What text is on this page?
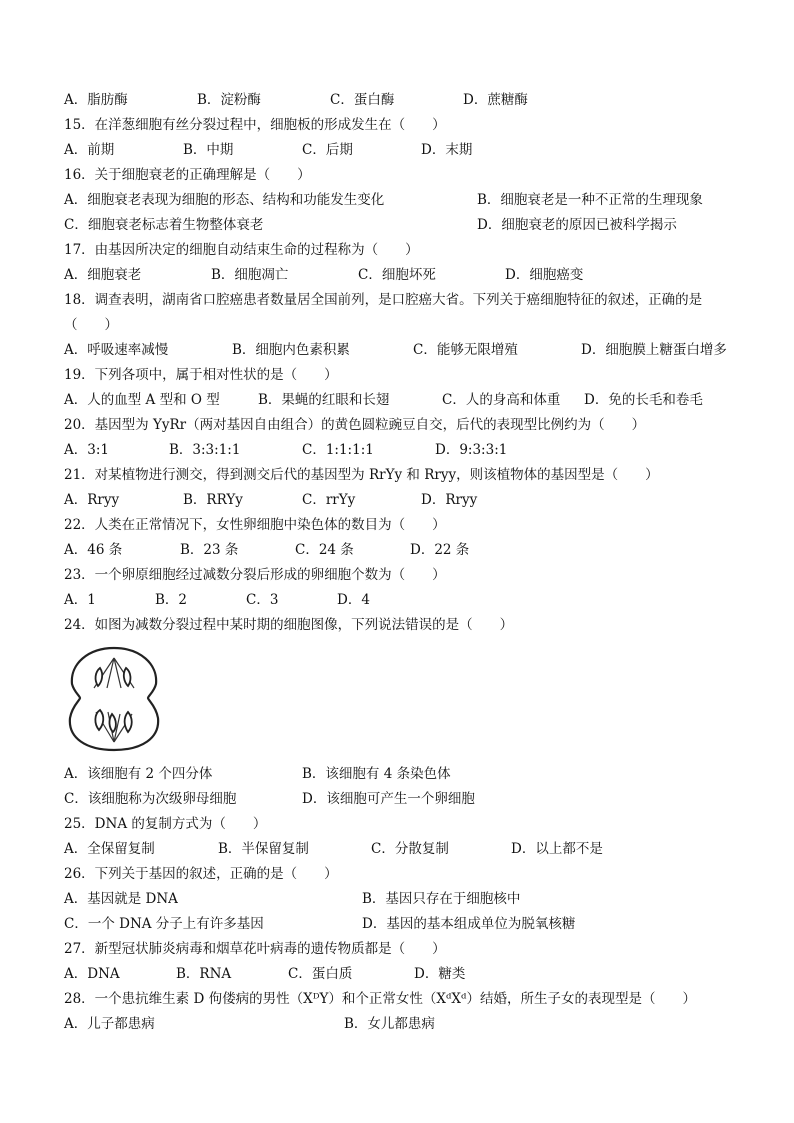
A．脂肪酶	B．淀粉酶	C．蛋白酶	D．蔗糖酶
15．在洋葱细胞有丝分裂过程中，细胞板的形成发生在（　　）
A．前期	B．中期	C．后期	D．末期
16．关于细胞衰老的正确理解是（　　）
A．细胞衰老表现为细胞的形态、结构和功能发生变化	B．细胞衰老是一种不正常的生理现象
C．细胞衰老标志着生物整体衰老	D．细胞衰老的原因已被科学揭示
17．由基因所决定的细胞自动结束生命的过程称为（　　）
A．细胞衰老	B．细胞凋亡	C．细胞坏死	D．细胞癌变
18．调查表明，湖南省口腔癌患者数量居全国前列，是口腔癌大省。下列关于癌细胞特征的叙述，正确的是
（　　）
A．呼吸速率减慢	B．细胞内色素积累	C．能够无限增殖	D．细胞膜上糖蛋白增多
19．下列各项中，属于相对性状的是（　　）
A．人的血型 A 型和 O 型	B．果蝇的红眼和长翅	C．人的身高和体重 D．免的长毛和卷毛
20．基因型为 YyRr（两对基因自由组合）的黄色圆粒豌豆自交，后代的表现型比例约为（　　）
A．3:1	B．3:3:1:1	C．1:1:1:1	D．9:3:3:1
21．对某植物进行测交，得到测交后代的基因型为 RrYy 和 Rryy，则该植物体的基因型是（　　）
A．Rryy	B．RRYy	C．rrYy	D．Rryy
22．人类在正常情况下，女性卵细胞中染色体的数目为（　　）
A．46 条	B．23 条	C．24 条	D．22 条
23．一个卵原细胞经过减数分裂后形成的卵细胞个数为（　　）
A．1	B．2	C．3	D．4
24．如图为减数分裂过程中某时期的细胞图像，下列说法错误的是（　　）
A．该细胞有 2 个四分体	B．该细胞有 4 条染色体
C．该细胞称为次级卵母细胞	D．该细胞可产生一个卵细胞
25．DNA 的复制方式为（　　）
A．全保留复制	B．半保留复制	C．分散复制	D．以上都不是
26．下列关于基因的叙述，正确的是（　　）
A．基因就是 DNA	B．基因只存在于细胞核中
C．一个 DNA 分子上有许多基因	D．基因的基本组成单位为脱氧核糖
27．新型冠状肺炎病毒和烟草花叶病毒的遗传物质都是（　　）
A．DNA	B．RNA	C．蛋白质	D．糖类
28．一个患抗维生素 D 佝偻病的男性（XᴰY）和个正常女性（XᵈXᵈ）结婚，所生子女的表现型是（　　）
A．儿子都患病	B．女儿都患病
